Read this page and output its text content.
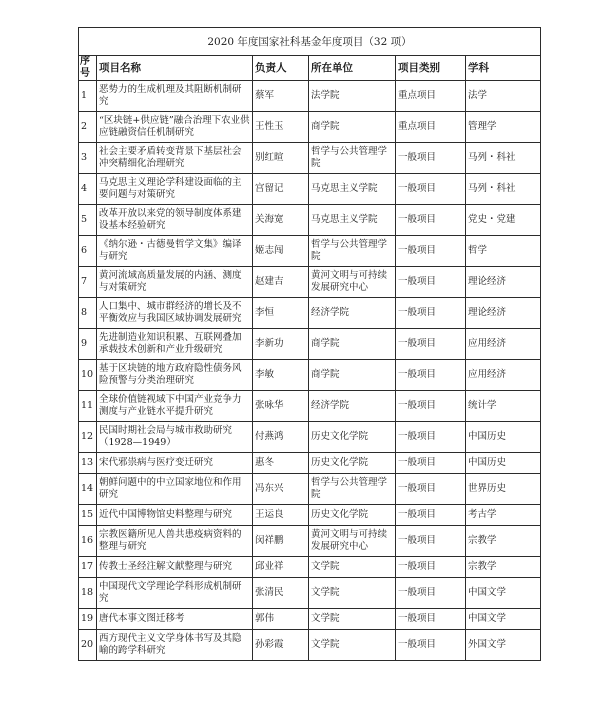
2020 年度国家社科基金年度项目（32 项）					
序号	项目名称	负责人	所在单位	项目类别	学科
1	恶势力的生成机理及其阻断机制研究	蔡军	法学院	重点项目	法学
2	“区块链+供应链”融合治理下农业供应链融资信任机制研究	王性玉	商学院	重点项目	管理学
3	社会主要矛盾转变背景下基层社会冲突精细化治理研究	别红暄	哲学与公共管理学院	一般项目	马列・科社
4	马克思主义理论学科建设面临的主要问题与对策研究	宫留记	马克思主义学院	一般项目	马列・科社
5	改革开放以来党的领导制度体系建设基本经验研究	关海宽	马克思主义学院	一般项目	党史・党建
6	《纳尔逊・古德曼哲学文集》编译与研究	姬志闯	哲学与公共管理学院	一般项目	哲学
7	黄河流域高质量发展的内涵、测度与对策研究	赵建吉	黄河文明与可持续发展研究中心	一般项目	理论经济
8	人口集中、城市群经济的增长及不平衡效应与我国区域协调发展研究	李恒	经济学院	一般项目	理论经济
9	先进制造业知识积累、互联网叠加承载技术创新和产业升级研究	李新功	商学院	一般项目	应用经济
10	基于区块链的地方政府隐性债务风险预警与分类治理研究	李敏	商学院	一般项目	应用经济
11	全球价值链视域下中国产业竞争力测度与产业链水平提升研究	张咏华	经济学院	一般项目	统计学
12	民国时期社会局与城市救助研究（1928—1949）	付燕鸿	历史文化学院	一般项目	中国历史
13	宋代邪祟病与医疗变迁研究	惠冬	历史文化学院	一般项目	中国历史
14	朝鲜问题中的中立国家地位和作用研究	冯东兴	哲学与公共管理学院	一般项目	世界历史
15	近代中国博物馆史料整理与研究	王运良	历史文化学院	一般项目	考古学
16	宗教医籍所见人兽共患疫病资料的整理与研究	闵祥鹏	黄河文明与可持续发展研究中心	一般项目	宗教学
17	传教士圣经注解文献整理与研究	邱业祥	文学院	一般项目	宗教学
18	中国现代文学理论学科形成机制研究	张清民	文学院	一般项目	中国文学
19	唐代本事文图迁移考	郭伟	文学院	一般项目	中国文学
20	西方现代主义文学身体书写及其隐喻的跨学科研究	孙彩霞	文学院	一般项目	外国文学
